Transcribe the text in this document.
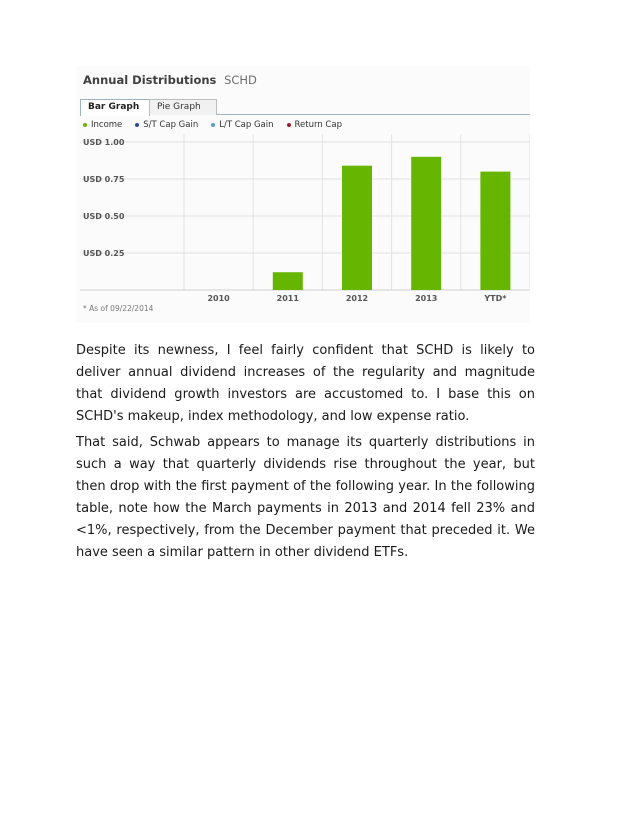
Annual Distributions SCHD
Bar Graph	Pie Graph
Income S/T Cap Gain L/T Cap Gain Return Cap
USD 1.00
USD 0.75
USD 0.50
USD 0.25
2010	2011	2012	2013	YTD*
* As of 09/22/2014

Despite its newness, I feel fairly confident that SCHD is likely to deliver annual dividend increases of the regularity and magnitude that dividend growth investors are accustomed to. I base this on SCHD's makeup, index methodology, and low expense ratio.

That said, Schwab appears to manage its quarterly distributions in such a way that quarterly dividends rise throughout the year, but then drop with the first payment of the following year. In the following table, note how the March payments in 2013 and 2014 fell 23% and <1%, respectively, from the December payment that preceded it. We have seen a similar pattern in other dividend ETFs.
